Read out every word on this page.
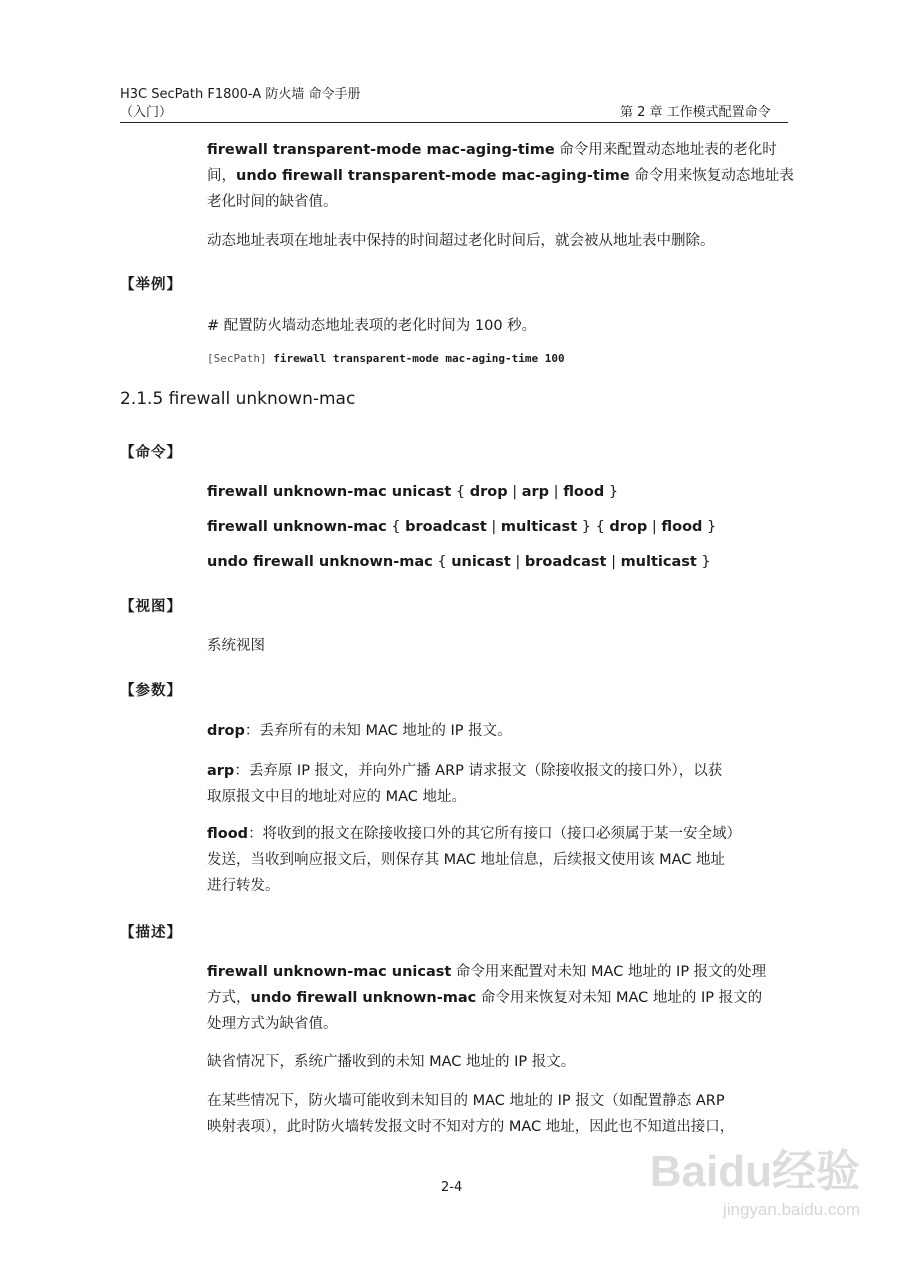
H3C SecPath F1800-A 防火墙 命令手册
（入门）	第 2 章 工作模式配置命令
firewall transparent-mode mac-aging-time 命令用来配置动态地址表的老化时
间，undo firewall transparent-mode mac-aging-time 命令用来恢复动态地址表
老化时间的缺省值。
动态地址表项在地址表中保持的时间超过老化时间后，就会被从地址表中删除。
【举例】
# 配置防火墙动态地址表项的老化时间为 100 秒。
[SecPath] firewall transparent-mode mac-aging-time 100
2.1.5 firewall unknown-mac
【命令】
firewall unknown-mac unicast { drop | arp | flood }
firewall unknown-mac { broadcast | multicast } { drop | flood }
undo firewall unknown-mac { unicast | broadcast | multicast }
【视图】
系统视图
【参数】
drop：丢弃所有的未知 MAC 地址的 IP 报文。
arp：丢弃原 IP 报文，并向外广播 ARP 请求报文（除接收报文的接口外），以获
取原报文中目的地址对应的 MAC 地址。
flood：将收到的报文在除接收接口外的其它所有接口（接口必须属于某一安全域）
发送，当收到响应报文后，则保存其 MAC 地址信息，后续报文使用该 MAC 地址
进行转发。
【描述】
firewall unknown-mac unicast 命令用来配置对未知 MAC 地址的 IP 报文的处理
方式，undo firewall unknown-mac 命令用来恢复对未知 MAC 地址的 IP 报文的
处理方式为缺省值。
缺省情况下，系统广播收到的未知 MAC 地址的 IP 报文。
在某些情况下，防火墙可能收到未知目的 MAC 地址的 IP 报文（如配置静态 ARP
映射表项），此时防火墙转发报文时不知对方的 MAC 地址，因此也不知道出接口，
2-4	Baidu经验
jingyan.baidu.com
